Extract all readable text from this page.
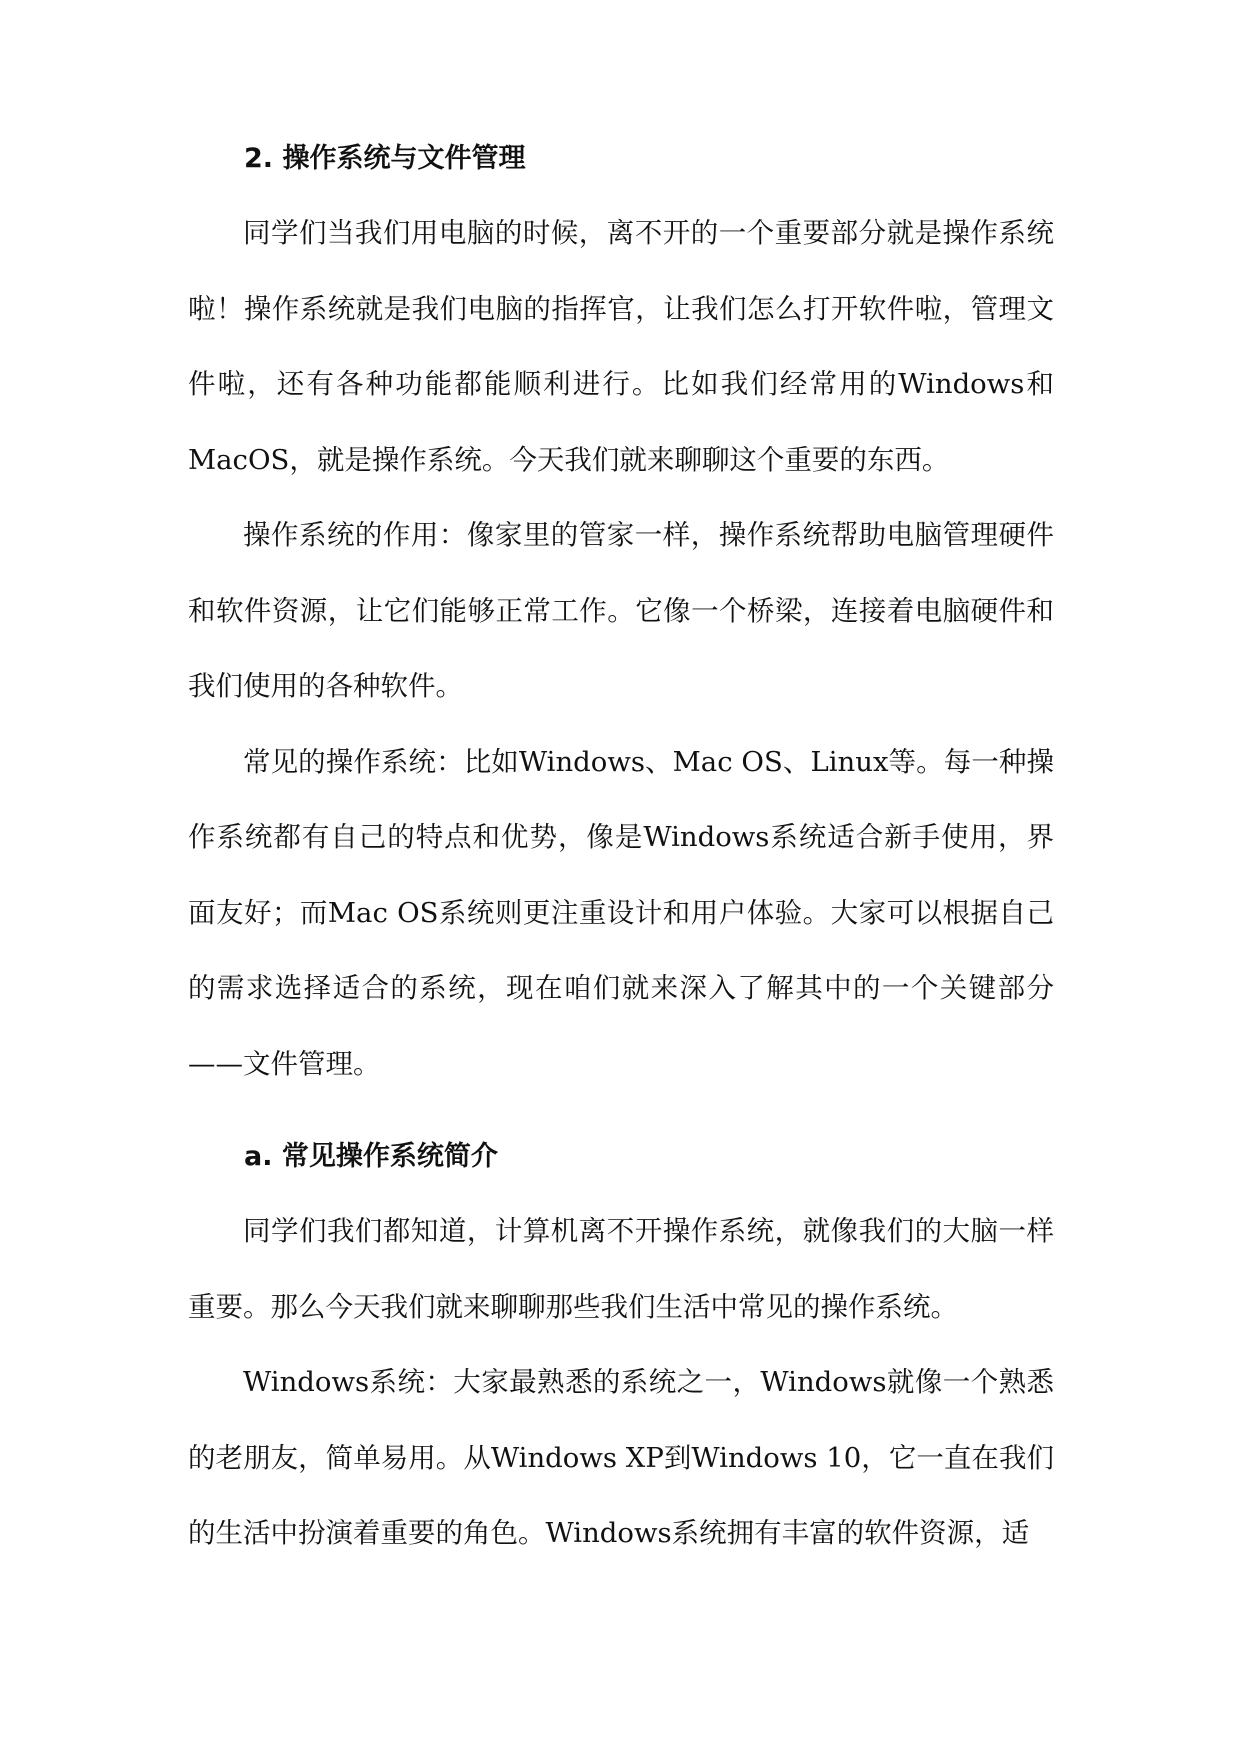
2. 操作系统与文件管理

同学们当我们用电脑的时候，离不开的一个重要部分就是操作系统啦！操作系统就是我们电脑的指挥官，让我们怎么打开软件啦，管理文件啦，还有各种功能都能顺利进行。比如我们经常用的Windows和MacOS，就是操作系统。今天我们就来聊聊这个重要的东西。

操作系统的作用：像家里的管家一样，操作系统帮助电脑管理硬件和软件资源，让它们能够正常工作。它像一个桥梁，连接着电脑硬件和我们使用的各种软件。

常见的操作系统：比如Windows、Mac OS、Linux等。每一种操作系统都有自己的特点和优势，像是Windows系统适合新手使用，界面友好；而Mac OS系统则更注重设计和用户体验。大家可以根据自己的需求选择适合的系统，现在咱们就来深入了解其中的一个关键部分——文件管理。

a. 常见操作系统简介

同学们我们都知道，计算机离不开操作系统，就像我们的大脑一样重要。那么今天我们就来聊聊那些我们生活中常见的操作系统。

Windows系统：大家最熟悉的系统之一，Windows就像一个熟悉的老朋友，简单易用。从Windows XP到Windows 10，它一直在我们的生活中扮演着重要的角色。Windows系统拥有丰富的软件资源，适
